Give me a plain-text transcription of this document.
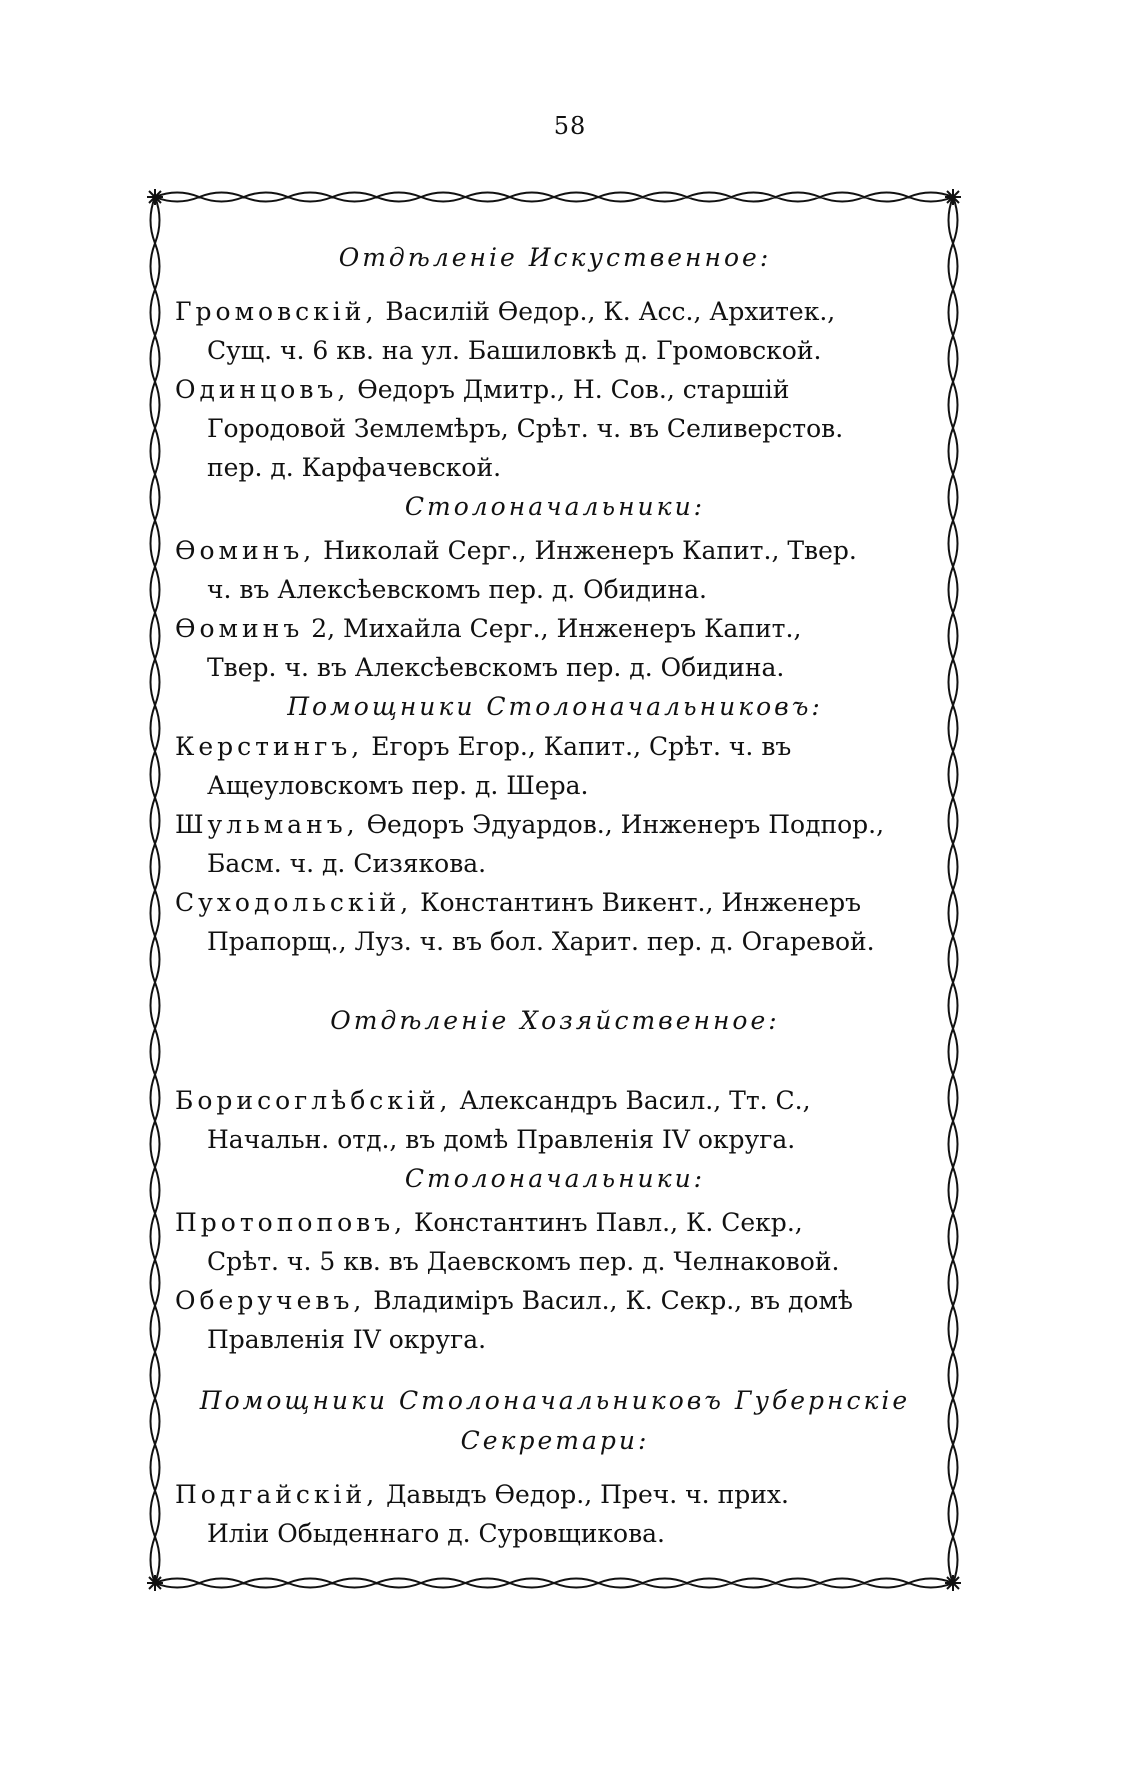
58

Отдѣленіе Искуственное:

Громовскій, Василій Ѳедор., К. Асс., Архитек.,
Сущ. ч. 6 кв. на ул. Башиловкѣ д. Громовской.

Одинцовъ, Ѳедоръ Дмитр., Н. Сов., старшій
Городовой Землемѣръ, Срѣт. ч. въ Селиверстов.
пер. д. Карфачевской.

Столоначальники:

Ѳоминъ, Николай Серг., Инженеръ Капит., Твер.
ч. въ Алексѣевскомъ пер. д. Обидина.

Ѳоминъ 2, Михайла Серг., Инженеръ Капит.,
Твер. ч. въ Алексѣевскомъ пер. д. Обидина.

Помощники Столоначальниковъ:

Керстингъ, Егоръ Егор., Капит., Срѣт. ч. въ
Ащеуловскомъ пер. д. Шера.

Шульманъ, Ѳедоръ Эдуардов., Инженеръ Подпор.,
Басм. ч. д. Сизякова.

Суходольскій, Константинъ Викент., Инженеръ
Прапорщ., Луз. ч. въ бол. Харит. пер. д. Огаревой.

Отдѣленіе Хозяйственное:

Борисоглѣбскій, Александръ Васил., Тт. С.,
Начальн. отд., въ домѣ Правленія IV округа.

Столоначальники:

Протопоповъ, Константинъ Павл., К. Секр.,
Срѣт. ч. 5 кв. въ Даевскомъ пер. д. Челнаковой.

Оберучевъ, Владиміръ Васил., К. Секр., въ домѣ
Правленія IV округа.

Помощники Столоначальниковъ Губернскіе

Секретари:

Подгайскій, Давыдъ Ѳедор., Преч. ч. прих.
Иліи Обыденнаго д. Суровщикова.
